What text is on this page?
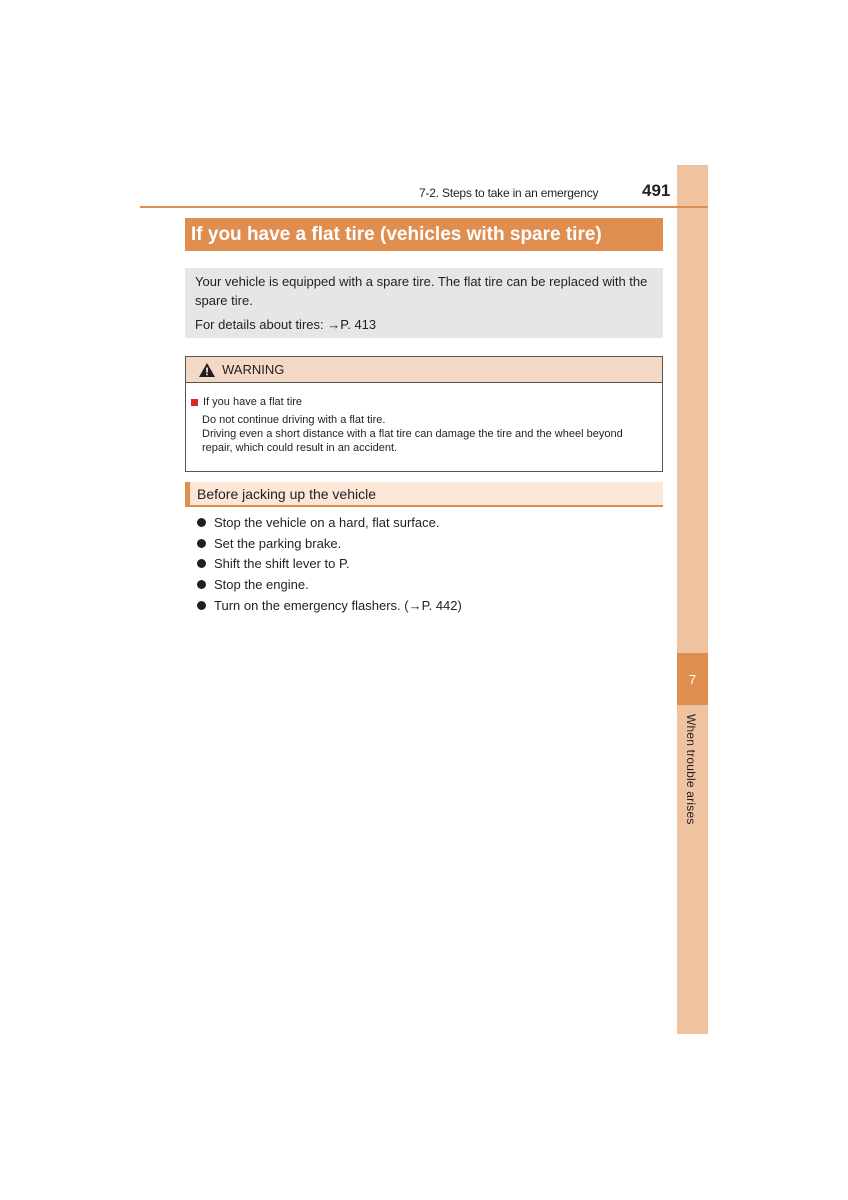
7
When trouble arises
7-2. Steps to take in an emergency	491
If you have a flat tire (vehicles with spare tire)

Your vehicle is equipped with a spare tire. The flat tire can be replaced with the spare tire.

For details about tires: →P. 413

WARNING
If you have a flat tire

Do not continue driving with a flat tire.

Driving even a short distance with a flat tire can damage the tire and the wheel beyond repair, which could result in an accident.

Before jacking up the vehicle
Stop the vehicle on a hard, flat surface.
Set the parking brake.
Shift the shift lever to P.
Stop the engine.
Turn on the emergency flashers. (→P. 442)
